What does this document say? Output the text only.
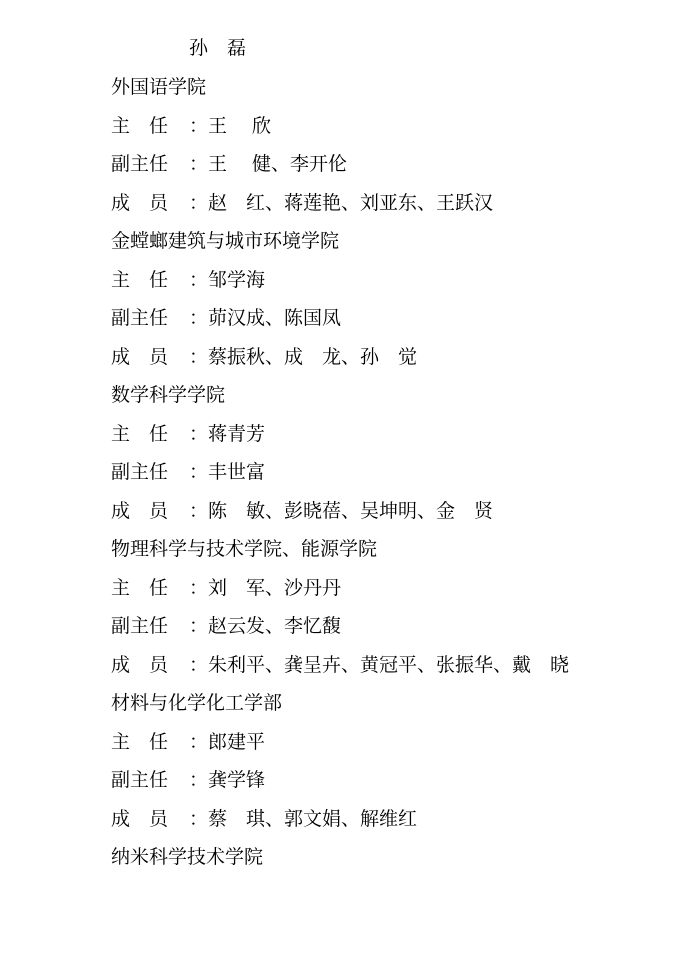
孙　磊
外国语学院
主　任 ：王　 欣
副主任 ：王　 健、李开伦
成　员 ：赵　红、蒋莲艳、刘亚东、王跃汉
金螳螂建筑与城市环境学院
主　任 ：邹学海
副主任 ：茆汉成、陈国凤
成　员 ：蔡振秋、成　龙、孙　觉
数学科学学院
主　任 ：蒋青芳
副主任 ：丰世富
成　员 ：陈　敏、彭晓蓓、吴坤明、金　贤
物理科学与技术学院、能源学院
主　任 ：刘　军、沙丹丹
副主任 ：赵云发、李忆馥
成　员 ：朱利平、龚呈卉、黄冠平、张振华、戴　晓
材料与化学化工学部
主　任 ：郎建平
副主任 ：龚学锋
成　员 ：蔡　琪、郭文娟、解维红
纳米科学技术学院
